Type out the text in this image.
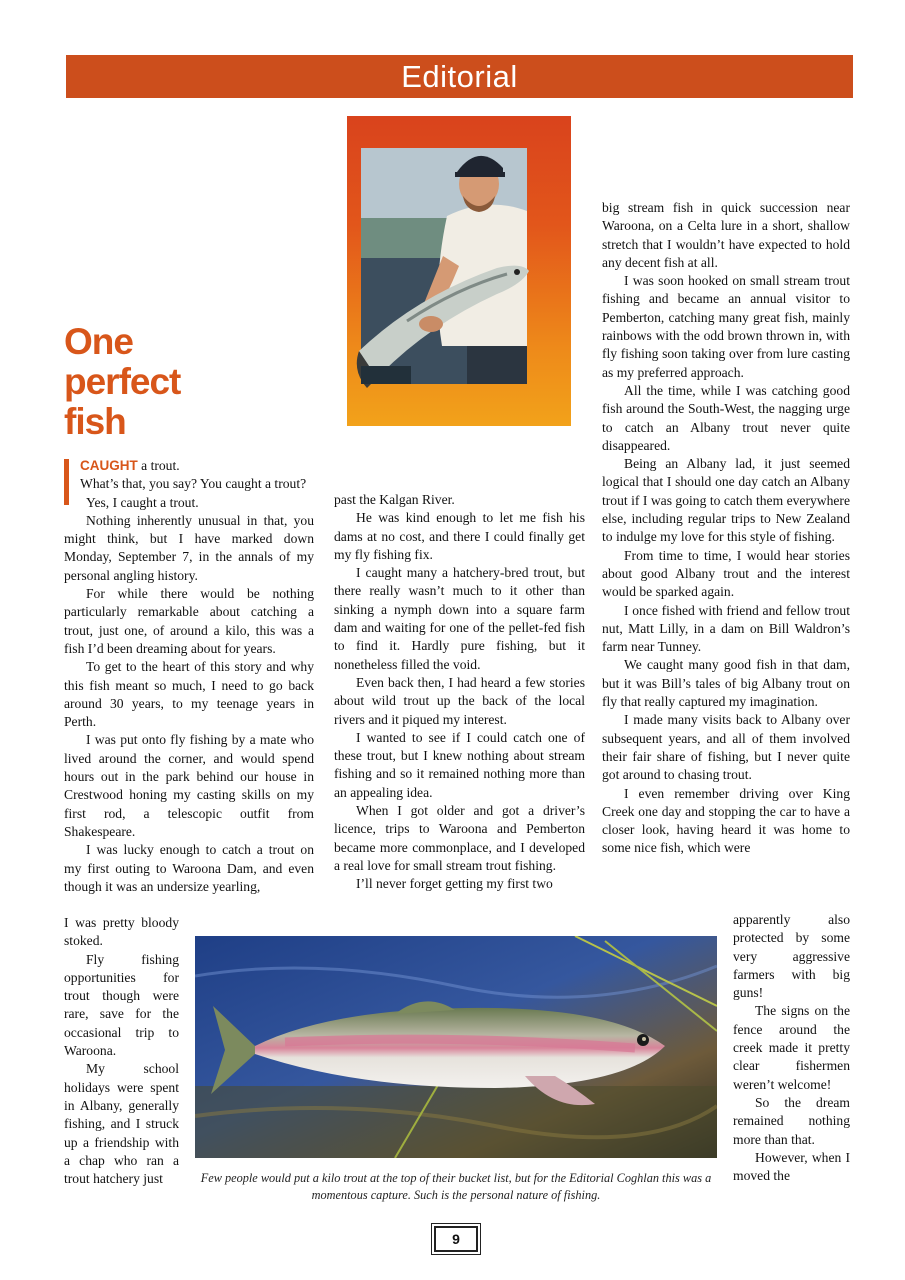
Editorial
One
perfect
fish

CAUGHT a trout.
What’s that, you say? You caught a trout?

Yes, I caught a trout.

Nothing inherently unusual in that, you might think, but I have marked down Monday, September 7, in the annals of my personal angling history.

For while there would be nothing particularly remarkable about catching a trout, just one, of around a kilo, this was a fish I’d been dreaming about for years.

To get to the heart of this story and why this fish meant so much, I need to go back around 30 years, to my teenage years in Perth.

I was put onto fly fishing by a mate who lived around the corner, and would spend hours out in the park behind our house in Crestwood honing my casting skills on my first rod, a telescopic outfit from Shakespeare.

I was lucky enough to catch a trout on my first outing to Waroona Dam, and even though it was an undersize yearling,

I was pretty bloody stoked.

Fly fishing opportunities for trout though were rare, save for the occasional trip to Waroona.

My school holidays were spent in Albany, generally fishing, and I struck up a friendship with a chap who ran a trout hatchery just

past the Kalgan River.

He was kind enough to let me fish his dams at no cost, and there I could finally get my fly fishing fix.

I caught many a hatchery-bred trout, but there really wasn’t much to it other than sinking a nymph down into a square farm dam and waiting for one of the pellet-fed fish to find it. Hardly pure fishing, but it nonetheless filled the void.

Even back then, I had heard a few stories about wild trout up the back of the local rivers and it piqued my interest.

I wanted to see if I could catch one of these trout, but I knew nothing about stream fishing and so it remained nothing more than an appealing idea.

When I got older and got a driver’s licence, trips to Waroona and Pemberton became more commonplace, and I developed a real love for small stream trout fishing.

I’ll never forget getting my first two

big stream fish in quick succession near Waroona, on a Celta lure in a short, shallow stretch that I wouldn’t have expected to hold any decent fish at all.

I was soon hooked on small stream trout fishing and became an annual visitor to Pemberton, catching many great fish, mainly rainbows with the odd brown thrown in, with fly fishing soon taking over from lure casting as my preferred approach.

All the time, while I was catching good fish around the South-West, the nagging urge to catch an Albany trout never quite disappeared.

Being an Albany lad, it just seemed logical that I should one day catch an Albany trout if I was going to catch them everywhere else, including regular trips to New Zealand to indulge my love for this style of fishing.

From time to time, I would hear stories about good Albany trout and the interest would be sparked again.

I once fished with friend and fellow trout nut, Matt Lilly, in a dam on Bill Waldron’s farm near Tunney.

We caught many good fish in that dam, but it was Bill’s tales of big Albany trout on fly that really captured my imagination.

I made many visits back to Albany over subsequent years, and all of them involved their fair share of fishing, but I never quite got around to chasing trout.

I even remember driving over King Creek one day and stopping the car to have a closer look, having heard it was home to some nice fish, which were

apparently also protected by some very aggressive farmers with big guns!

The signs on the fence around the creek made it pretty clear fishermen weren’t welcome!

So the dream remained nothing more than that.

However, when I moved the

Few people would put a kilo trout at the top of their bucket list, but for the Editorial Coghlan this was a momentous capture. Such is the personal nature of fishing.
9
